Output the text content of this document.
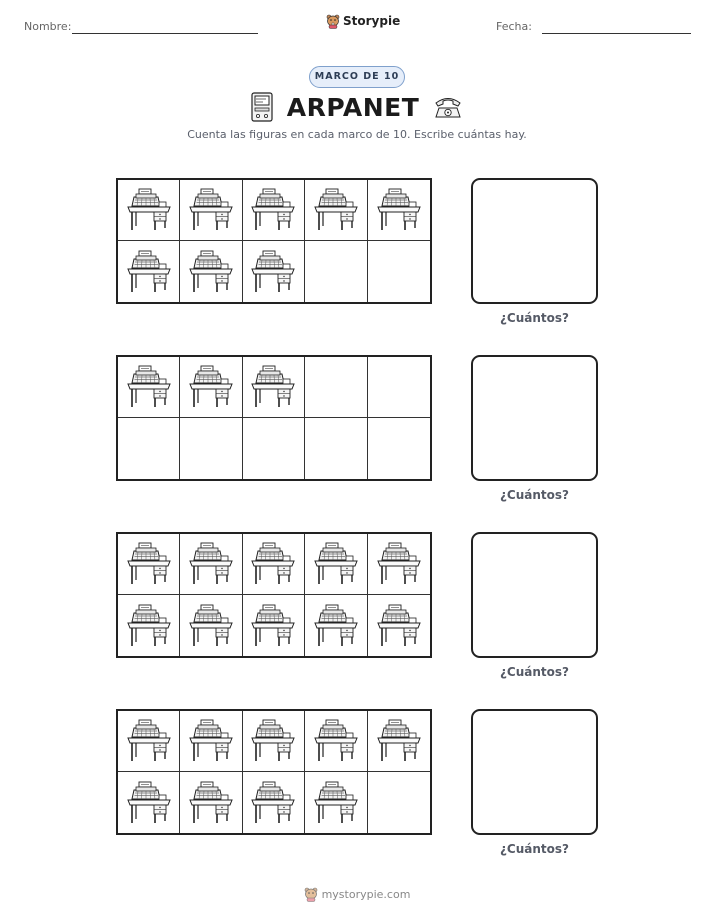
Nombre:	Storypie	Fecha:
MARCO DE 10
ARPANET
Cuenta las figuras en cada marco de 10. Escribe cuántas hay.
¿Cuántos?
¿Cuántos?
¿Cuántos?
¿Cuántos?
mystorypie.com
